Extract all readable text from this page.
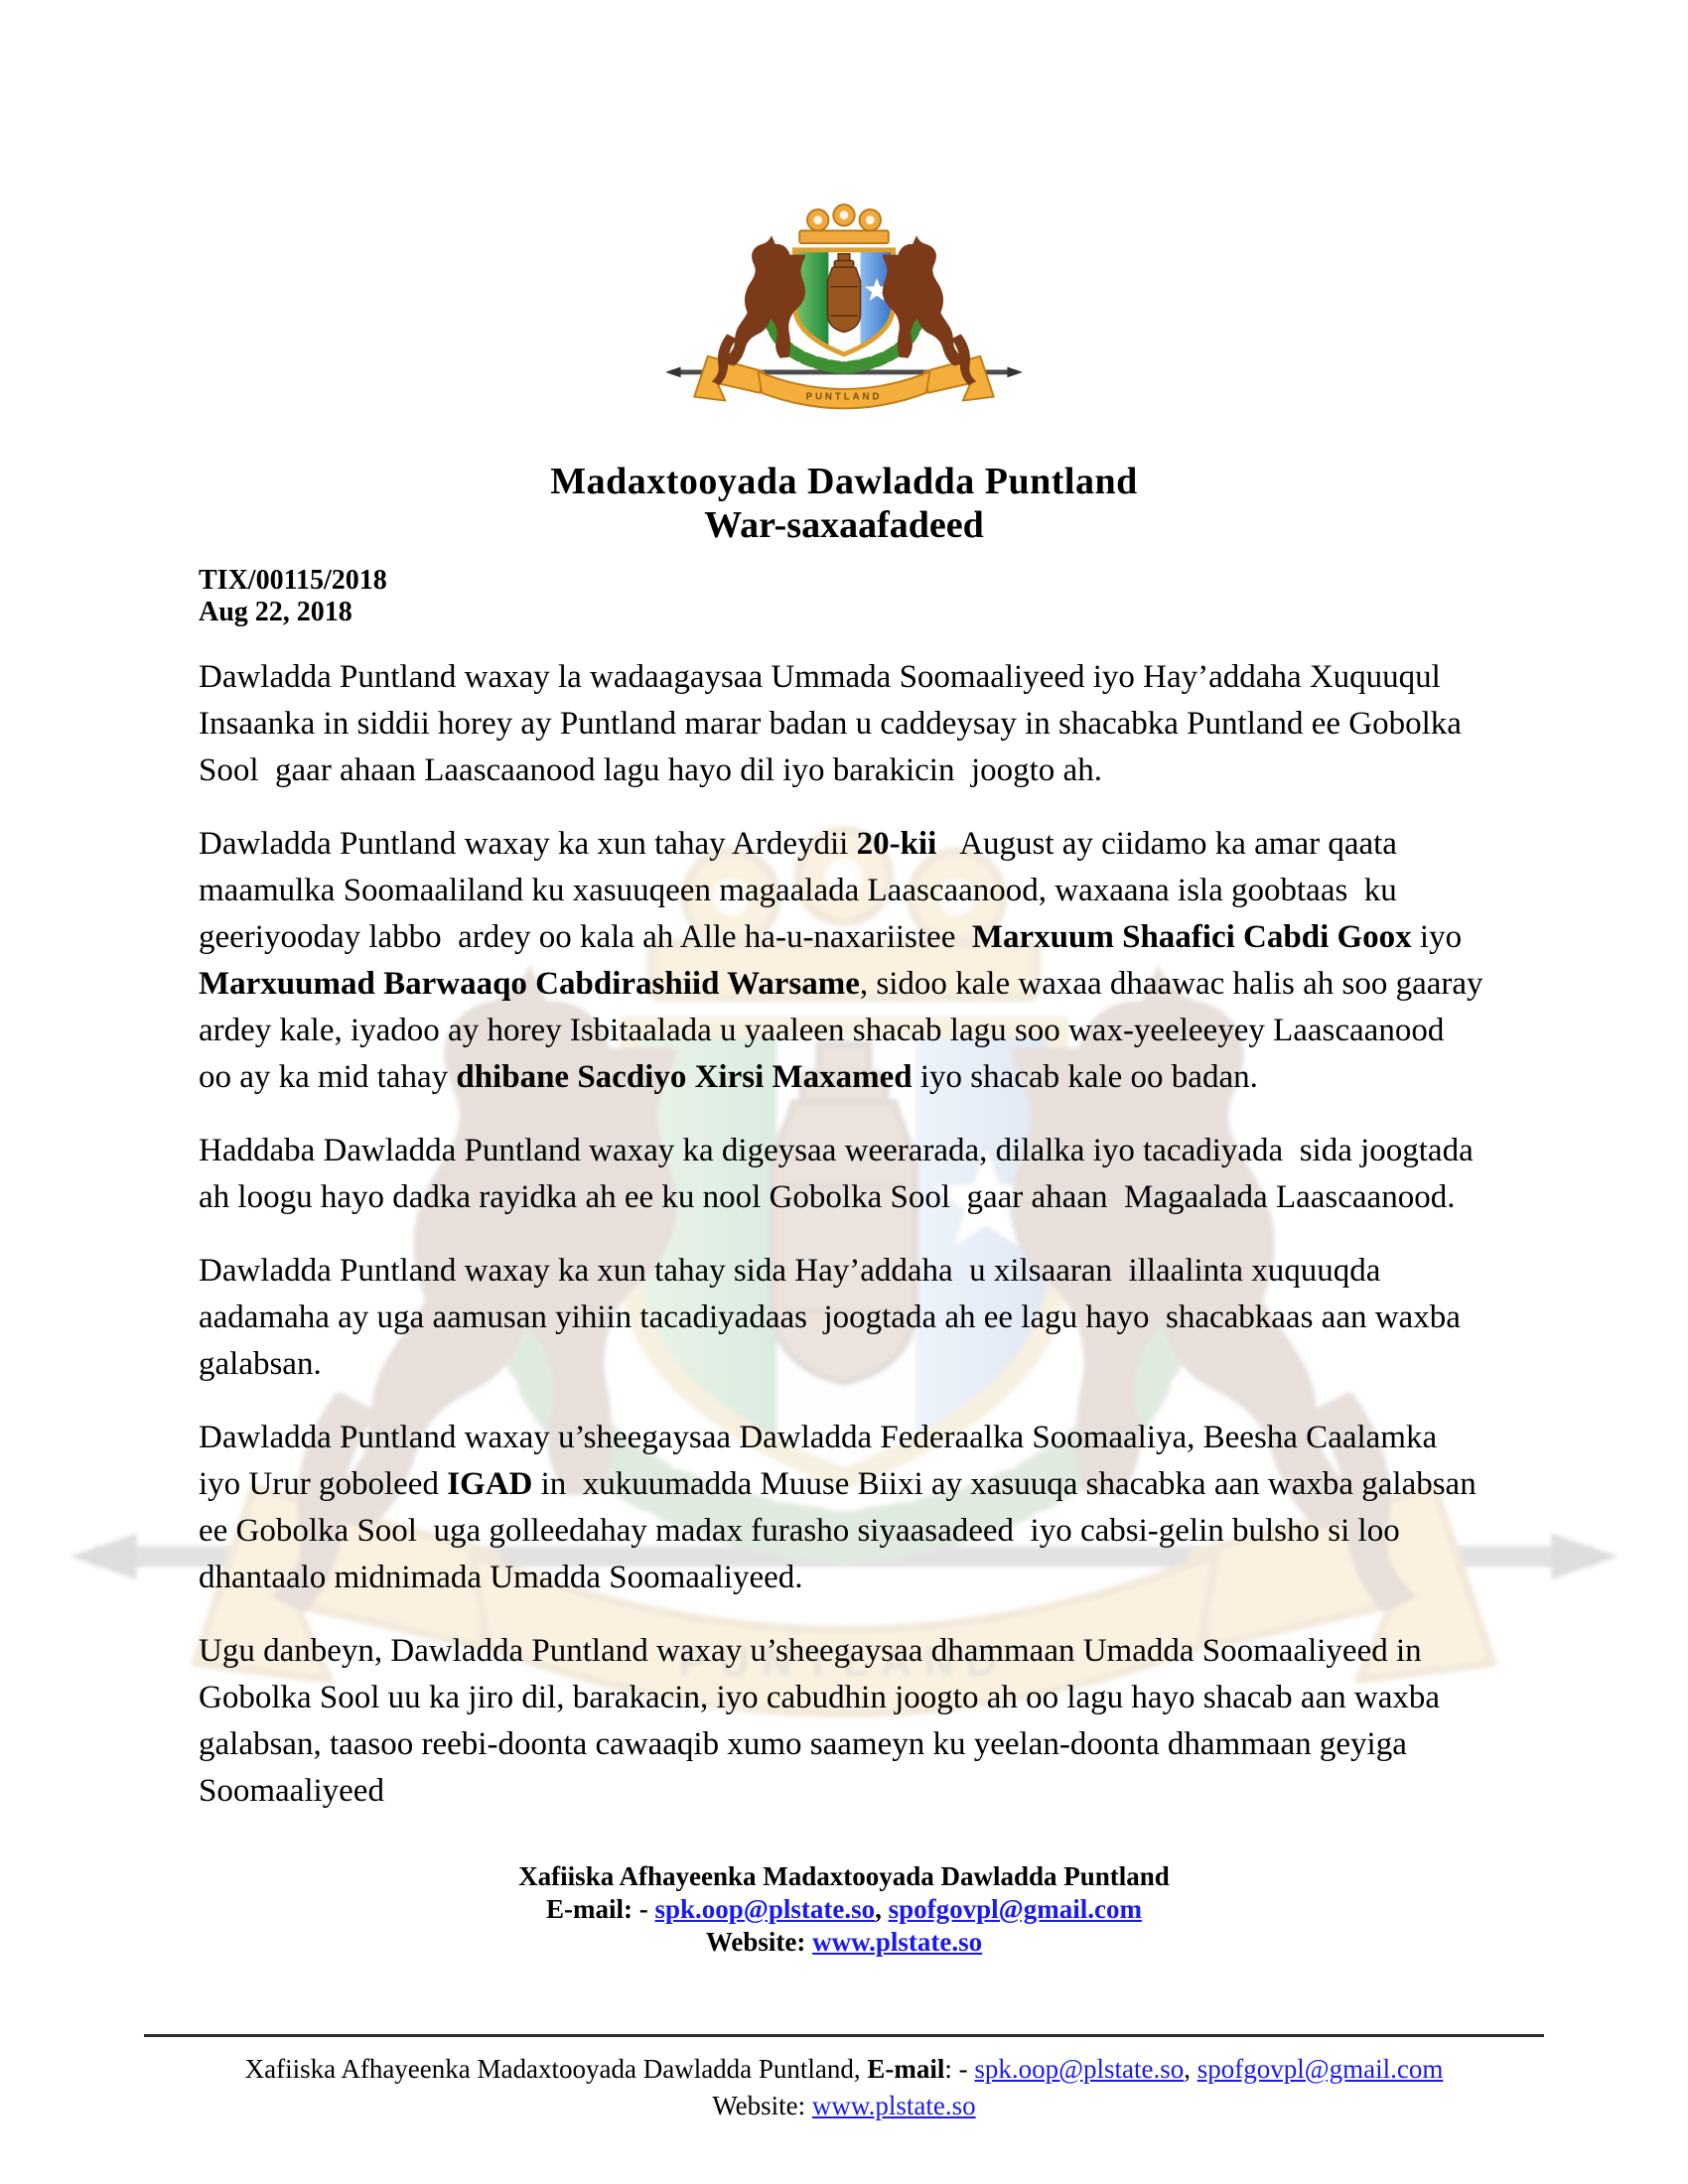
PUNTLAND
Madaxtooyada Dawladda Puntland
War-saxaafadeed
TIX/00115/2018
Aug 22, 2018

Dawladda Puntland waxay la wadaagaysaa Ummada Soomaaliyeed iyo Hay’addaha Xuquuqul Insaanka in siddii horey ay Puntland marar badan u caddeysay in shacabka Puntland ee Gobolka Sool  gaar ahaan Laascaanood lagu hayo dil iyo barakicin  joogto ah.

Dawladda Puntland waxay ka xun tahay Ardeydii 20-kii   August ay ciidamo ka amar qaata maamulka Soomaaliland ku xasuuqeen magaalada Laascaanood, waxaana isla goobtaas  ku geeriyooday labbo  ardey oo kala ah Alle ha-u-naxariistee  Marxuum Shaafici Cabdi Goox iyo Marxuumad Barwaaqo Cabdirashiid Warsame, sidoo kale waxaa dhaawac halis ah soo gaaray ardey kale, iyadoo ay horey Isbitaalada u yaaleen shacab lagu soo wax-yeeleeyey Laascaanood oo ay ka mid tahay dhibane Sacdiyo Xirsi Maxamed iyo shacab kale oo badan.

Haddaba Dawladda Puntland waxay ka digeysaa weerarada, dilalka iyo tacadiyada  sida joogtada ah loogu hayo dadka rayidka ah ee ku nool Gobolka Sool  gaar ahaan  Magaalada Laascaanood.

Dawladda Puntland waxay ka xun tahay sida Hay’addaha  u xilsaaran  illaalinta xuquuqda aadamaha ay uga aamusan yihiin tacadiyadaas  joogtada ah ee lagu hayo  shacabkaas aan waxba galabsan.

Dawladda Puntland waxay u’sheegaysaa Dawladda Federaalka Soomaaliya, Beesha Caalamka iyo Urur goboleed IGAD in  xukuumadda Muuse Biixi ay xasuuqa shacabka aan waxba galabsan ee Gobolka Sool  uga golleedahay madax furasho siyaasadeed  iyo cabsi-gelin bulsho si loo dhantaalo midnimada Umadda Soomaaliyeed.

Ugu danbeyn, Dawladda Puntland waxay u’sheegaysaa dhammaan Umadda Soomaaliyeed in Gobolka Sool uu ka jiro dil, barakacin, iyo cabudhin joogto ah oo lagu hayo shacab aan waxba galabsan, taasoo reebi-doonta cawaaqib xumo saameyn ku yeelan-doonta dhammaan geyiga Soomaaliyeed

Xafiiska Afhayeenka Madaxtooyada Dawladda Puntland
E-mail: - spk.oop@plstate.so, spofgovpl@gmail.com
Website: www.plstate.so
Xafiiska Afhayeenka Madaxtooyada Dawladda Puntland, E-mail: - spk.oop@plstate.so, spofgovpl@gmail.com
Website: www.plstate.so
